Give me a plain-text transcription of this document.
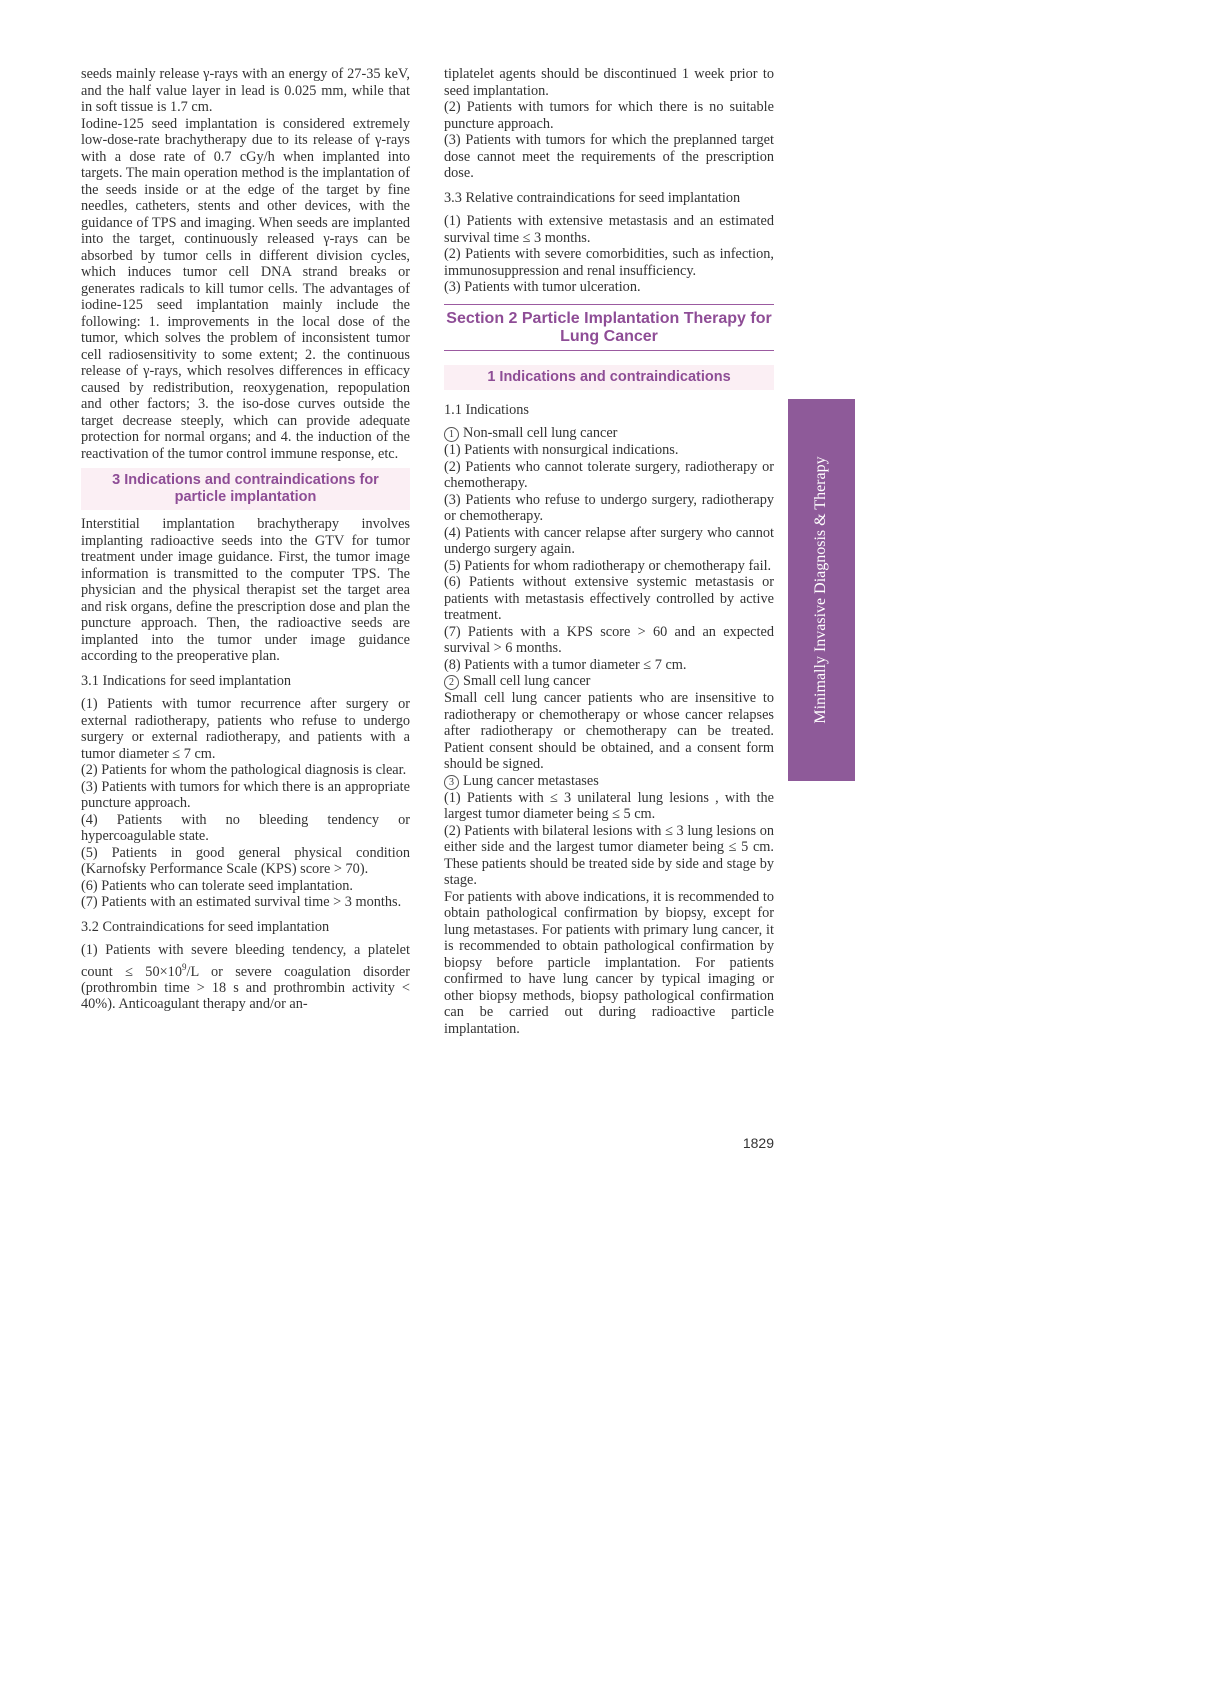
seeds mainly release γ-rays with an energy of 27-35 keV, and the half value layer in lead is 0.025 mm, while that in soft tissue is 1.7 cm.

Iodine-125 seed implantation is considered extremely low-dose-rate brachytherapy due to its release of γ-rays with a dose rate of 0.7 cGy/h when implanted into targets. The main operation method is the implantation of the seeds inside or at the edge of the target by fine needles, catheters, stents and other devices, with the guidance of TPS and imaging. When seeds are implanted into the target, continuously released γ-rays can be absorbed by tumor cells in different division cycles, which induces tumor cell DNA strand breaks or generates radicals to kill tumor cells. The advantages of iodine-125 seed implantation mainly include the following: 1. improvements in the local dose of the tumor, which solves the problem of inconsistent tumor cell radiosensitivity to some extent; 2. the continuous release of γ-rays, which resolves differences in efficacy caused by redistribution, reoxygenation, repopulation and other factors; 3. the iso-dose curves outside the target decrease steeply, which can provide adequate protection for normal organs; and 4. the induction of the reactivation of the tumor control immune response, etc.

3 Indications and contraindications for particle implantation

Interstitial implantation brachytherapy involves implanting radioactive seeds into the GTV for tumor treatment under image guidance. First, the tumor image information is transmitted to the computer TPS. The physician and the physical therapist set the target area and risk organs, define the prescription dose and plan the puncture approach. Then, the radioactive seeds are implanted into the tumor under image guidance according to the preoperative plan.

3.1 Indications for seed implantation

(1) Patients with tumor recurrence after surgery or external radiotherapy, patients who refuse to undergo surgery or external radiotherapy, and patients with a tumor diameter ≤ 7 cm.

(2) Patients for whom the pathological diagnosis is clear.

(3) Patients with tumors for which there is an appropriate puncture approach.

(4) Patients with no bleeding tendency or hypercoagulable state.

(5) Patients in good general physical condition (Karnofsky Performance Scale (KPS) score > 70).

(6) Patients who can tolerate seed implantation.

(7) Patients with an estimated survival time > 3 months.

3.2 Contraindications for seed implantation

(1) Patients with severe bleeding tendency, a platelet count ≤ $50\times 10^9/L$ or severe coagulation disorder (prothrombin time > 18 s and prothrombin activity < 40%). Anticoagulant therapy and/or an-

tiplatelet agents should be discontinued 1 week prior to seed implantation.

(2) Patients with tumors for which there is no suitable puncture approach.

(3) Patients with tumors for which the preplanned target dose cannot meet the requirements of the prescription dose.

3.3 Relative contraindications for seed implantation

(1) Patients with extensive metastasis and an estimated survival time ≤ 3 months.

(2) Patients with severe comorbidities, such as infection, immunosuppression and renal insufficiency.

(3) Patients with tumor ulceration.

Section 2 Particle Implantation Therapy for Lung Cancer
1 Indications and contraindications
1.1 Indications

1 Non-small cell lung cancer

(1) Patients with nonsurgical indications.

(2) Patients who cannot tolerate surgery, radiotherapy or chemotherapy.

(3) Patients who refuse to undergo surgery, radiotherapy or chemotherapy.

(4) Patients with cancer relapse after surgery who cannot undergo surgery again.

(5) Patients for whom radiotherapy or chemotherapy fail.

(6) Patients without extensive systemic metastasis or patients with metastasis effectively controlled by active treatment.

(7) Patients with a KPS score > 60 and an expected survival > 6 months.

(8) Patients with a tumor diameter ≤ 7 cm.

2 Small cell lung cancer

Small cell lung cancer patients who are insensitive to radiotherapy or chemotherapy or whose cancer relapses after radiotherapy or chemotherapy can be treated. Patient consent should be obtained, and a consent form should be signed.

3 Lung cancer metastases

(1) Patients with ≤ 3 unilateral lung lesions , with the largest tumor diameter being ≤ 5 cm.

(2) Patients with bilateral lesions with ≤ 3 lung lesions on either side and the largest tumor diameter being ≤ 5 cm. These patients should be treated side by side and stage by stage.

For patients with above indications, it is recommended to obtain pathological confirmation by biopsy, except for lung metastases. For patients with primary lung cancer, it is recommended to obtain pathological confirmation by biopsy before particle implantation. For patients confirmed to have lung cancer by typical imaging or other biopsy methods, biopsy pathological confirmation can be carried out during radioactive particle implantation.

Minimally Invasive Diagnosis & Therapy
1829
